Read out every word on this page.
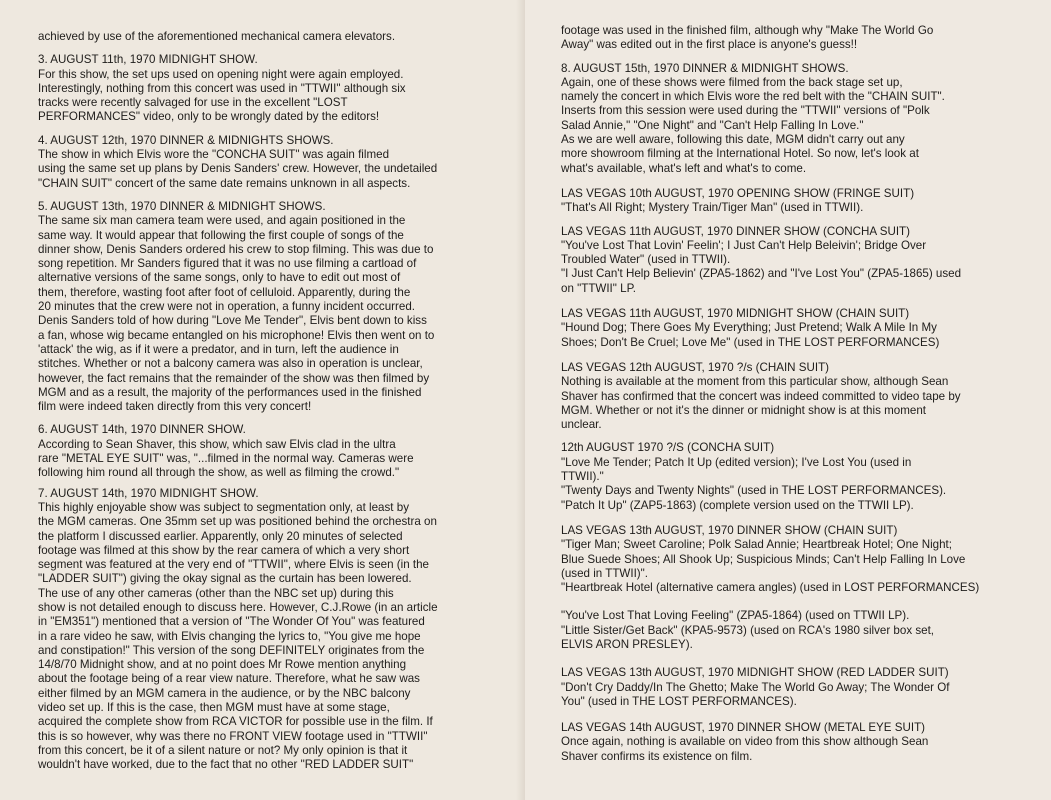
achieved by use of the aforementioned mechanical camera elevators.

3. AUGUST 11th, 1970 MIDNIGHT SHOW.
For this show, the set ups used on opening night were again employed.
Interestingly, nothing from this concert was used in "TTWII" although six
tracks were recently salvaged for use in the excellent "LOST
PERFORMANCES" video, only to be wrongly dated by the editors!

4. AUGUST 12th, 1970 DINNER & MIDNIGHTS SHOWS.
The show in which Elvis wore the "CONCHA SUIT" was again filmed
using the same set up plans by Denis Sanders' crew. However, the undetailed
"CHAIN SUIT" concert of the same date remains unknown in all aspects.

5. AUGUST 13th, 1970 DINNER & MIDNIGHT SHOWS.
The same six man camera team were used, and again positioned in the
same way. It would appear that following the first couple of songs of the
dinner show, Denis Sanders ordered his crew to stop filming. This was due to
song repetition. Mr Sanders figured that it was no use filming a cartload of
alternative versions of the same songs, only to have to edit out most of
them, therefore, wasting foot after foot of celluloid. Apparently, during the
20 minutes that the crew were not in operation, a funny incident occurred.
Denis Sanders told of how during "Love Me Tender", Elvis bent down to kiss
a fan, whose wig became entangled on his microphone! Elvis then went on to
'attack' the wig, as if it were a predator, and in turn, left the audience in
stitches. Whether or not a balcony camera was also in operation is unclear,
however, the fact remains that the remainder of the show was then filmed by
MGM and as a result, the majority of the performances used in the finished
film were indeed taken directly from this very concert!

6. AUGUST 14th, 1970 DINNER SHOW.
According to Sean Shaver, this show, which saw Elvis clad in the ultra
rare "METAL EYE SUIT" was, "...filmed in the normal way. Cameras were
following him round all through the show, as well as filming the crowd."

7. AUGUST 14th, 1970 MIDNIGHT SHOW.
This highly enjoyable show was subject to segmentation only, at least by
the MGM cameras. One 35mm set up was positioned behind the orchestra on
the platform I discussed earlier. Apparently, only 20 minutes of selected
footage was filmed at this show by the rear camera of which a very short
segment was featured at the very end of "TTWII", where Elvis is seen (in the
"LADDER SUIT") giving the okay signal as the curtain has been lowered.
The use of any other cameras (other than the NBC set up) during this
show is not detailed enough to discuss here. However, C.J.Rowe (in an article
in "EM351") mentioned that a version of "The Wonder Of You" was featured
in a rare video he saw, with Elvis changing the lyrics to, "You give me hope
and constipation!" This version of the song DEFINITELY originates from the
14/8/70 Midnight show, and at no point does Mr Rowe mention anything
about the footage being of a rear view nature. Therefore, what he saw was
either filmed by an MGM camera in the audience, or by the NBC balcony
video set up. If this is the case, then MGM must have at some stage,
acquired the complete show from RCA VICTOR for possible use in the film. If
this is so however, why was there no FRONT VIEW footage used in "TTWII"
from this concert, be it of a silent nature or not? My only opinion is that it
wouldn't have worked, due to the fact that no other "RED LADDER SUIT"

footage was used in the finished film, although why "Make The World Go
Away" was edited out in the first place is anyone's guess!!

8. AUGUST 15th, 1970 DINNER & MIDNIGHT SHOWS.
Again, one of these shows were filmed from the back stage set up,
namely the concert in which Elvis wore the red belt with the "CHAIN SUIT".
Inserts from this session were used during the "TTWII" versions of "Polk
Salad Annie," "One Night" and "Can't Help Falling In Love."
As we are well aware, following this date, MGM didn't carry out any
more showroom filming at the International Hotel. So now, let's look at
what's available, what's left and what's to come.

LAS VEGAS 10th AUGUST, 1970 OPENING SHOW (FRINGE SUIT)
"That's All Right; Mystery Train/Tiger Man" (used in TTWII).

LAS VEGAS 11th AUGUST, 1970 DINNER SHOW (CONCHA SUIT)
"You've Lost That Lovin' Feelin'; I Just Can't Help Beleivin'; Bridge Over
Troubled Water" (used in TTWII).
"I Just Can't Help Believin' (ZPA5-1862) and "I've Lost You" (ZPA5-1865) used
on "TTWII" LP.

LAS VEGAS 11th AUGUST, 1970 MIDNIGHT SHOW (CHAIN SUIT)
"Hound Dog; There Goes My Everything; Just Pretend; Walk A Mile In My
Shoes; Don't Be Cruel; Love Me" (used in THE LOST PERFORMANCES)

LAS VEGAS 12th AUGUST, 1970 ?/s (CHAIN SUIT)
Nothing is available at the moment from this particular show, although Sean
Shaver has confirmed that the concert was indeed committed to video tape by
MGM. Whether or not it's the dinner or midnight show is at this moment
unclear.

12th AUGUST 1970 ?/S (CONCHA SUIT)
"Love Me Tender; Patch It Up (edited version); I've Lost You (used in
TTWII)."
"Twenty Days and Twenty Nights" (used in THE LOST PERFORMANCES).
"Patch It Up" (ZAP5-1863) (complete version used on the TTWII LP).

LAS VEGAS 13th AUGUST, 1970 DINNER SHOW (CHAIN SUIT)
"Tiger Man; Sweet Caroline; Polk Salad Annie; Heartbreak Hotel; One Night;
Blue Suede Shoes; All Shook Up; Suspicious Minds; Can't Help Falling In Love
(used in TTWII)".
"Heartbreak Hotel (alternative camera angles) (used in LOST PERFORMANCES)

"You've Lost That Loving Feeling" (ZPA5-1864) (used on TTWII LP).
"Little Sister/Get Back" (KPA5-9573) (used on RCA's 1980 silver box set,
ELVIS ARON PRESLEY).

LAS VEGAS 13th AUGUST, 1970 MIDNIGHT SHOW (RED LADDER SUIT)
"Don't Cry Daddy/In The Ghetto; Make The World Go Away; The Wonder Of
You" (used in THE LOST PERFORMANCES).

LAS VEGAS 14th AUGUST, 1970 DINNER SHOW (METAL EYE SUIT)
Once again, nothing is available on video from this show although Sean
Shaver confirms its existence on film.
